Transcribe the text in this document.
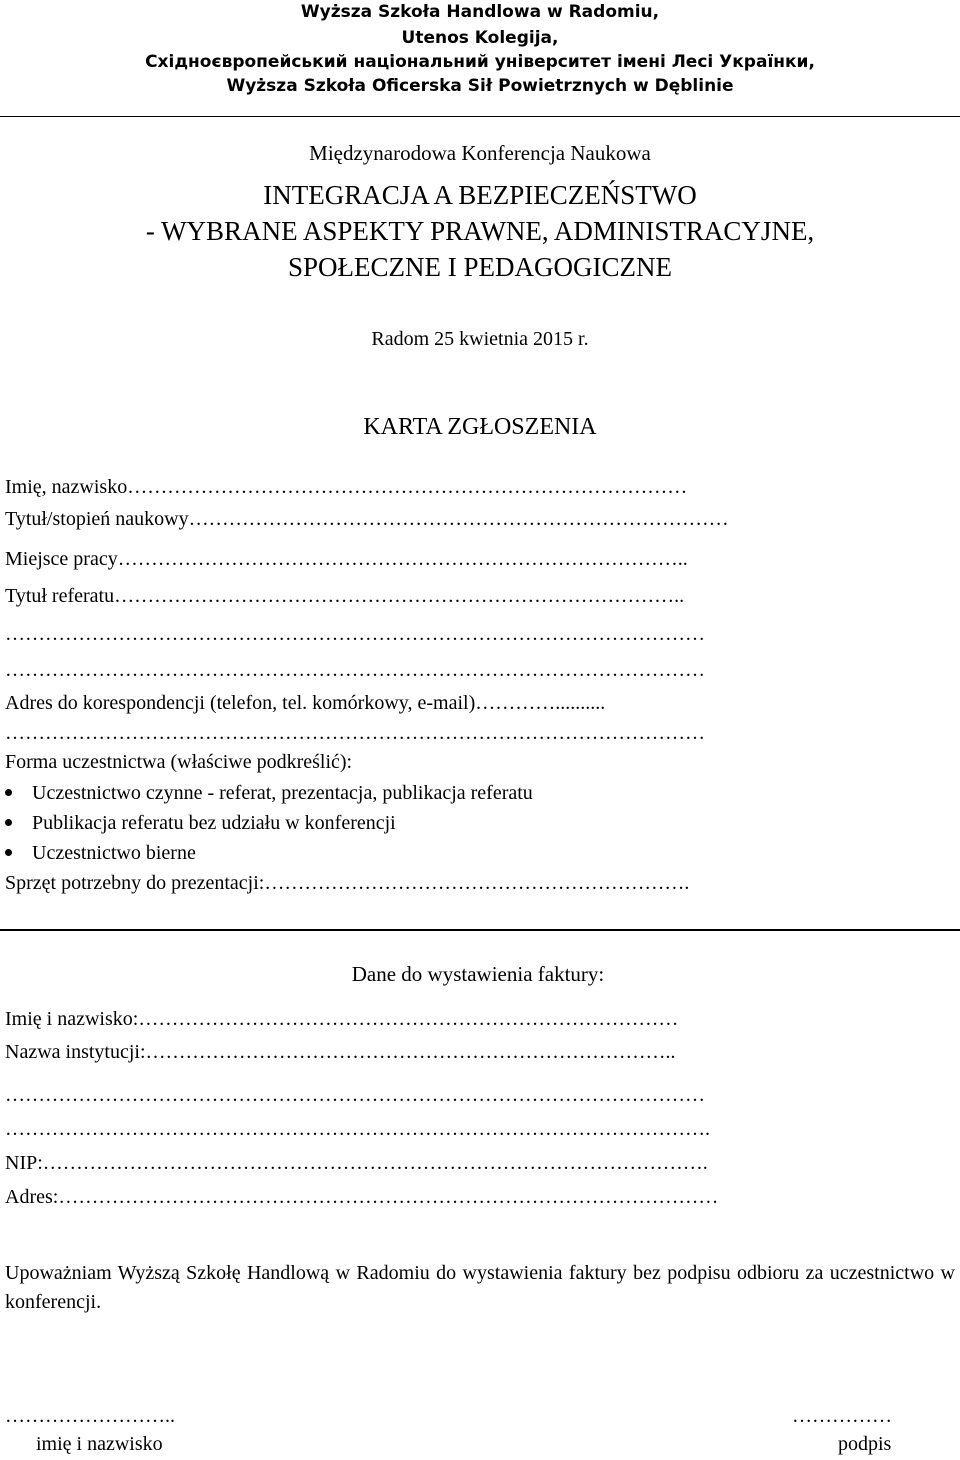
Wyższa Szkoła Handlowa w Radomiu,
Utenos Kolegija,
Східноєвропейський національний університет імені Лесі Українки,
Wyższa Szkoła Oficerska Sił Powietrznych w Dęblinie
Międzynarodowa Konferencja Naukowa
INTEGRACJA A BEZPIECZEŃSTWO
- WYBRANE ASPEKTY PRAWNE, ADMINISTRACYJNE,
SPOŁECZNE I PEDAGOGICZNE
Radom 25 kwietnia 2015 r.
KARTA ZGŁOSZENIA
Imię, nazwisko…………………………………………………………………………
Tytuł/stopień naukowy………………………………………………………………………
Miejsce pracy…………………………………………………………………………..
Tytuł referatu…………………………………………………………………………..
……………………………………………………………………………………………
……………………………………………………………………………………………
Adres do korespondencji (telefon, tel. komórkowy, e-mail)…………..........
……………………………………………………………………………………………
Forma uczestnictwa (właściwe podkreślić):
Uczestnictwo czynne - referat, prezentacja, publikacja referatu
Publikacja referatu bez udziału w konferencji
Uczestnictwo bierne
Sprzęt potrzebny do prezentacji:……………………………………………………….
Dane do wystawienia faktury:
Imię i nazwisko:………………………………………………………………………
Nazwa instytucji:……………………………………………………………………..
……………………………………………………………………………………………
…………………………………………………………………………………………….
NIP:……………………………………………………………………………………….
Adres:………………………………………………………………………………………
Upoważniam Wyższą Szkołę Handlową w Radomiu do wystawienia faktury bez podpisu odbioru za uczestnictwo w konferencji.
……………………..	……………
imię i nazwisko	podpis
